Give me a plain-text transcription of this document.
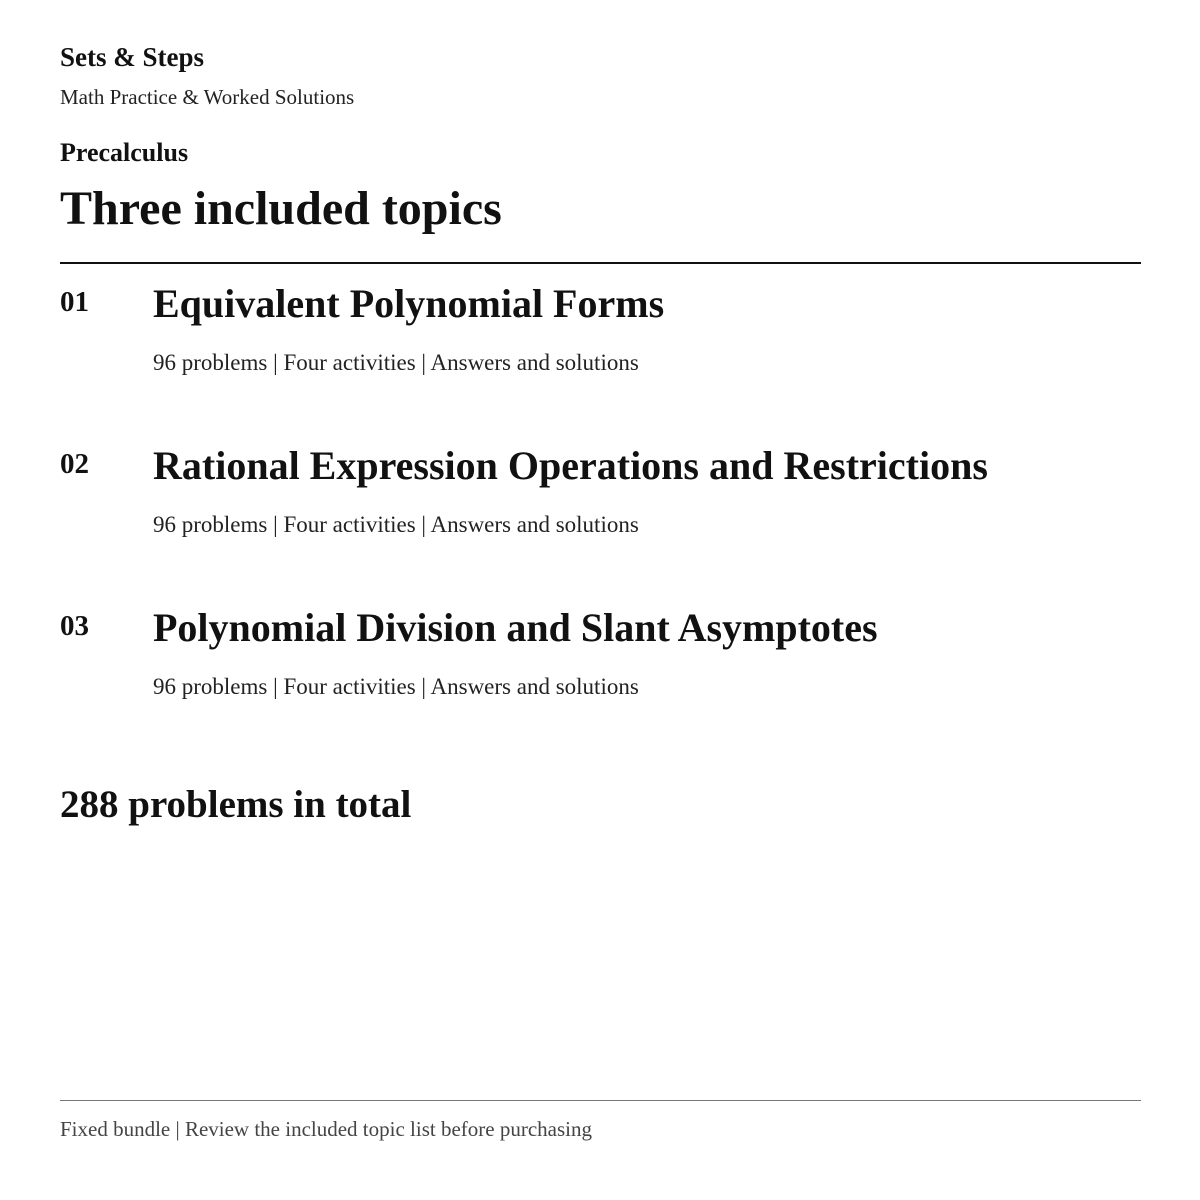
Sets & Steps
Math Practice & Worked Solutions
Precalculus
Three included topics
01 Equivalent Polynomial Forms
96 problems | Four activities | Answers and solutions
02 Rational Expression Operations and Restrictions
96 problems | Four activities | Answers and solutions
03 Polynomial Division and Slant Asymptotes
96 problems | Four activities | Answers and solutions
288 problems in total
Fixed bundle | Review the included topic list before purchasing
